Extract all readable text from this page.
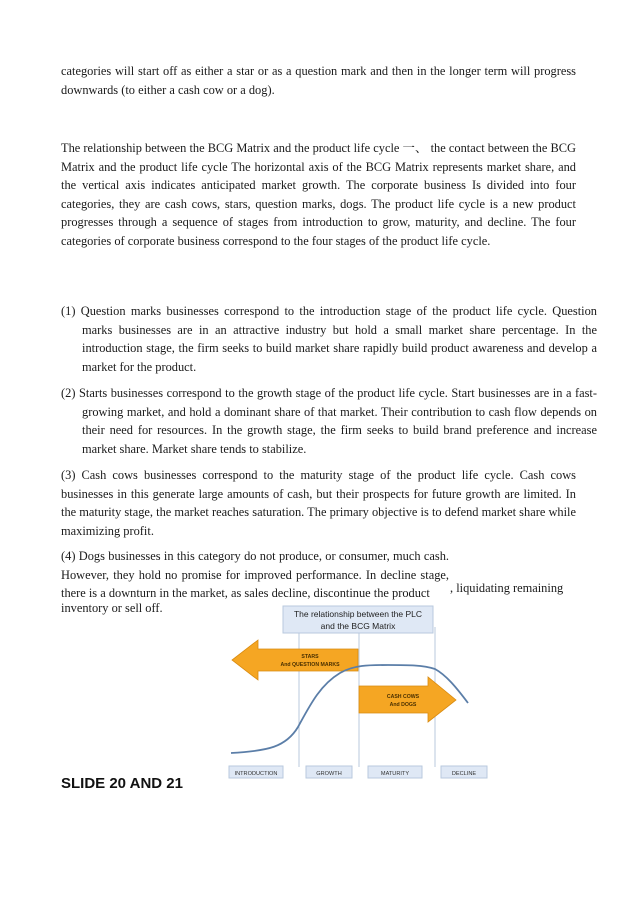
categories will start off as either a star or as a question mark and then in the longer term will progress downwards (to either a cash cow or a dog).

The relationship between the BCG Matrix and the product life cycle 一、 the contact between the BCG Matrix and the product life cycle The horizontal axis of the BCG Matrix represents market share, and the vertical axis indicates anticipated market growth. The corporate business Is divided into four categories, they are cash cows, stars, question marks, dogs. The product life cycle is a new product progresses through a sequence of stages from introduction to grow, maturity, and decline. The four categories of corporate business correspond to the four stages of the product life cycle.

(1) Question marks businesses correspond to the introduction stage of the product life cycle. Question marks businesses are in an attractive industry but hold a small market share percentage. In the introduction stage, the firm seeks to build market share rapidly build product awareness and develop a market for the product.

(2) Starts businesses correspond to the growth stage of the product life cycle. Start businesses are in a fast-growing market, and hold a dominant share of that market. Their contribution to cash flow depends on their need for resources. In the growth stage, the firm seeks to build brand preference and increase market share. Market share tends to stabilize.

(3) Cash cows businesses correspond to the maturity stage of the product life cycle. Cash cows businesses in this generate large amounts of cash, but their prospects for future growth are limited. In the maturity stage, the market reaches saturation. The primary objective is to defend market share while maximizing profit.

(4) Dogs businesses in this category do not produce, or consumer, much cash. However, they hold no promise for improved performance. In decline stage, there is a downturn in the market, as sales decline, discontinue the product	, liquidating remaining

inventory or sell off.	The relationship between the PLC
and the BCG Matrix
STARS
And QUESTION MARKS
CASH COWS
And DOGS
INTRODUCTION	GROWTH	MATURITY	DECLINE

SLIDE 20 AND 21
